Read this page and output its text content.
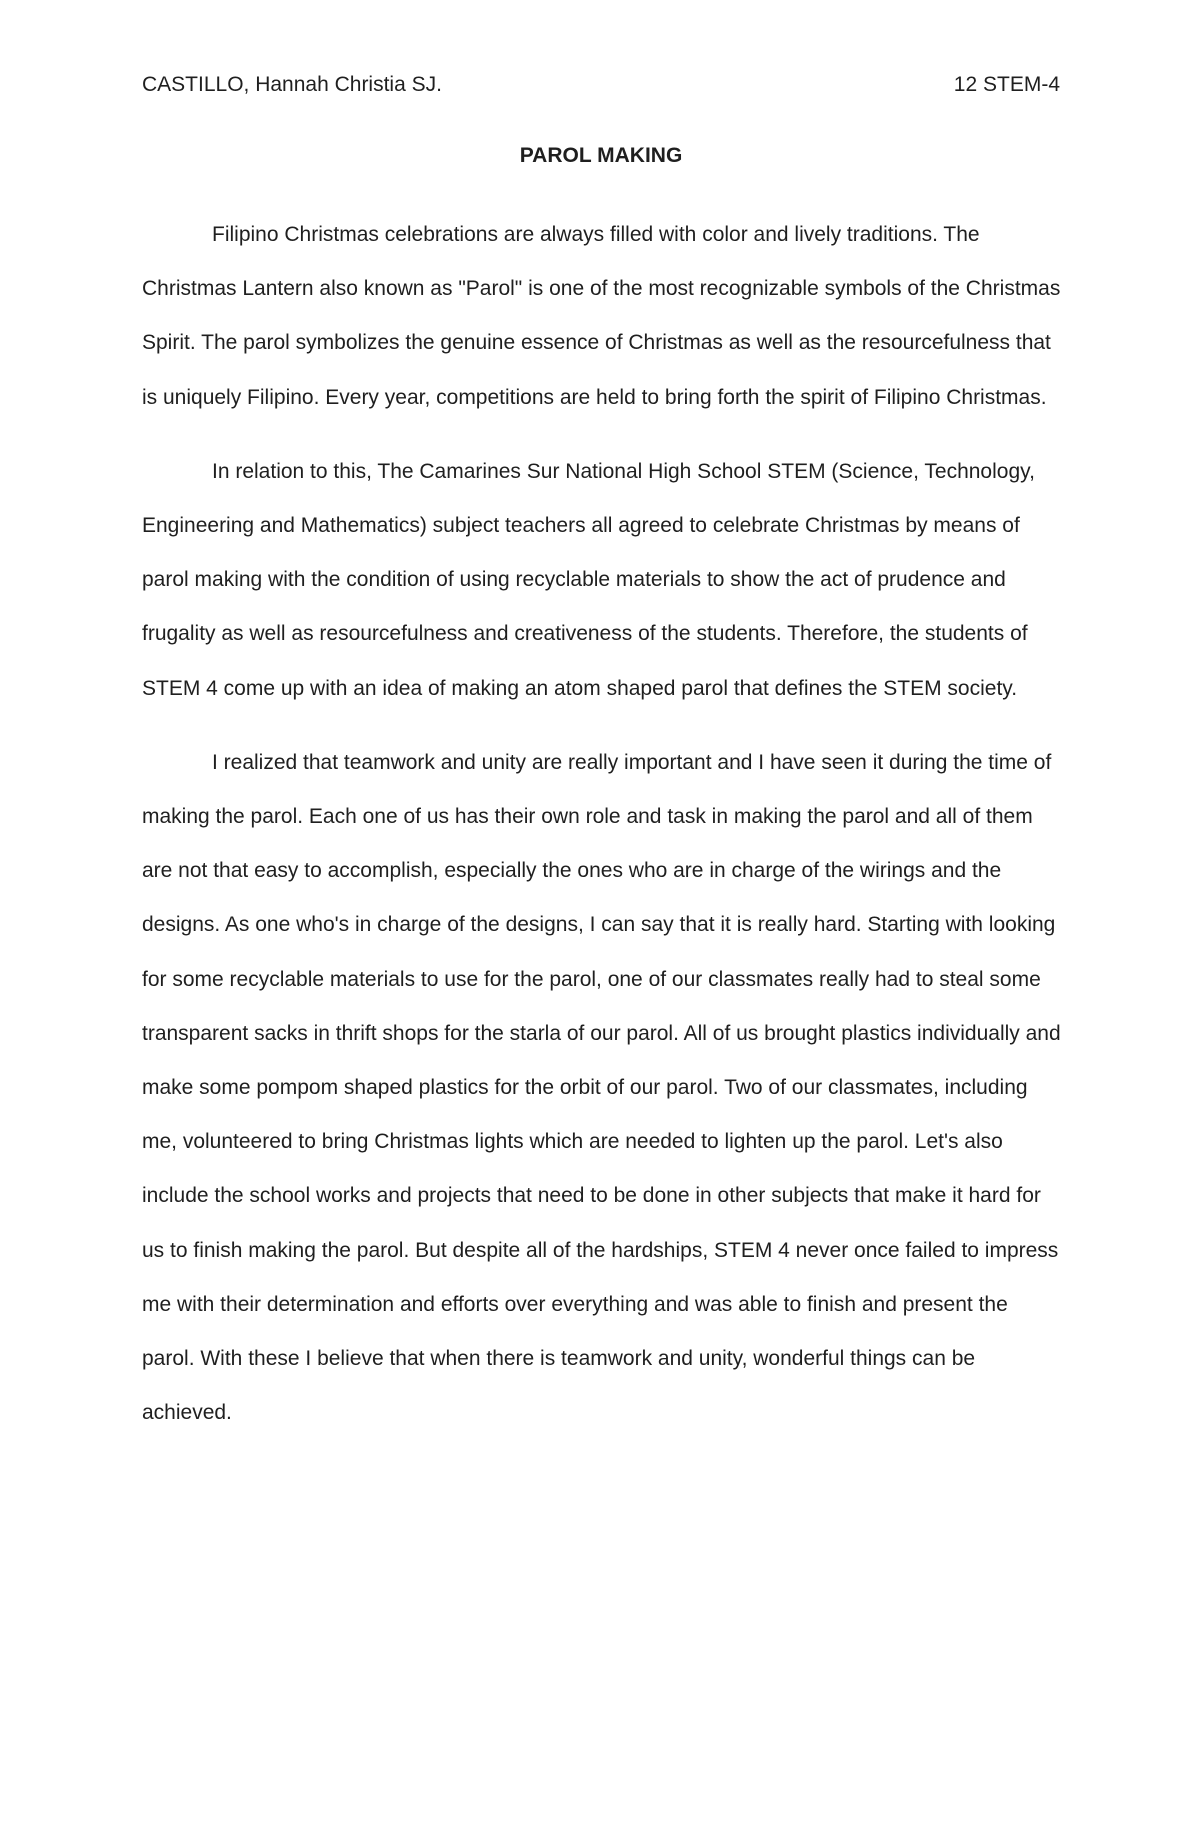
CASTILLO, Hannah Christia SJ.	12 STEM-4
PAROL MAKING

Filipino Christmas celebrations are always filled with color and lively traditions. The Christmas Lantern also known as "Parol" is one of the most recognizable symbols of the Christmas Spirit. The parol symbolizes the genuine essence of Christmas as well as the resourcefulness that is uniquely Filipino. Every year, competitions are held to bring forth the spirit of Filipino Christmas.

In relation to this, The Camarines Sur National High School STEM (Science, Technology, Engineering and Mathematics) subject teachers all agreed to celebrate Christmas by means of parol making with the condition of using recyclable materials to show the act of prudence and frugality as well as resourcefulness and creativeness of the students. Therefore, the students of STEM 4 come up with an idea of making an atom shaped parol that defines the STEM society.

I realized that teamwork and unity are really important and I have seen it during the time of making the parol. Each one of us has their own role and task in making the parol and all of them are not that easy to accomplish, especially the ones who are in charge of the wirings and the designs. As one who's in charge of the designs, I can say that it is really hard. Starting with looking for some recyclable materials to use for the parol, one of our classmates really had to steal some transparent sacks in thrift shops for the starla of our parol. All of us brought plastics individually and make some pompom shaped plastics for the orbit of our parol. Two of our classmates, including me, volunteered to bring Christmas lights which are needed to lighten up the parol. Let's also include the school works and projects that need to be done in other subjects that make it hard for us to finish making the parol. But despite all of the hardships, STEM 4 never once failed to impress me with their determination and efforts over everything and was able to finish and present the parol. With these I believe that when there is teamwork and unity, wonderful things can be achieved.
